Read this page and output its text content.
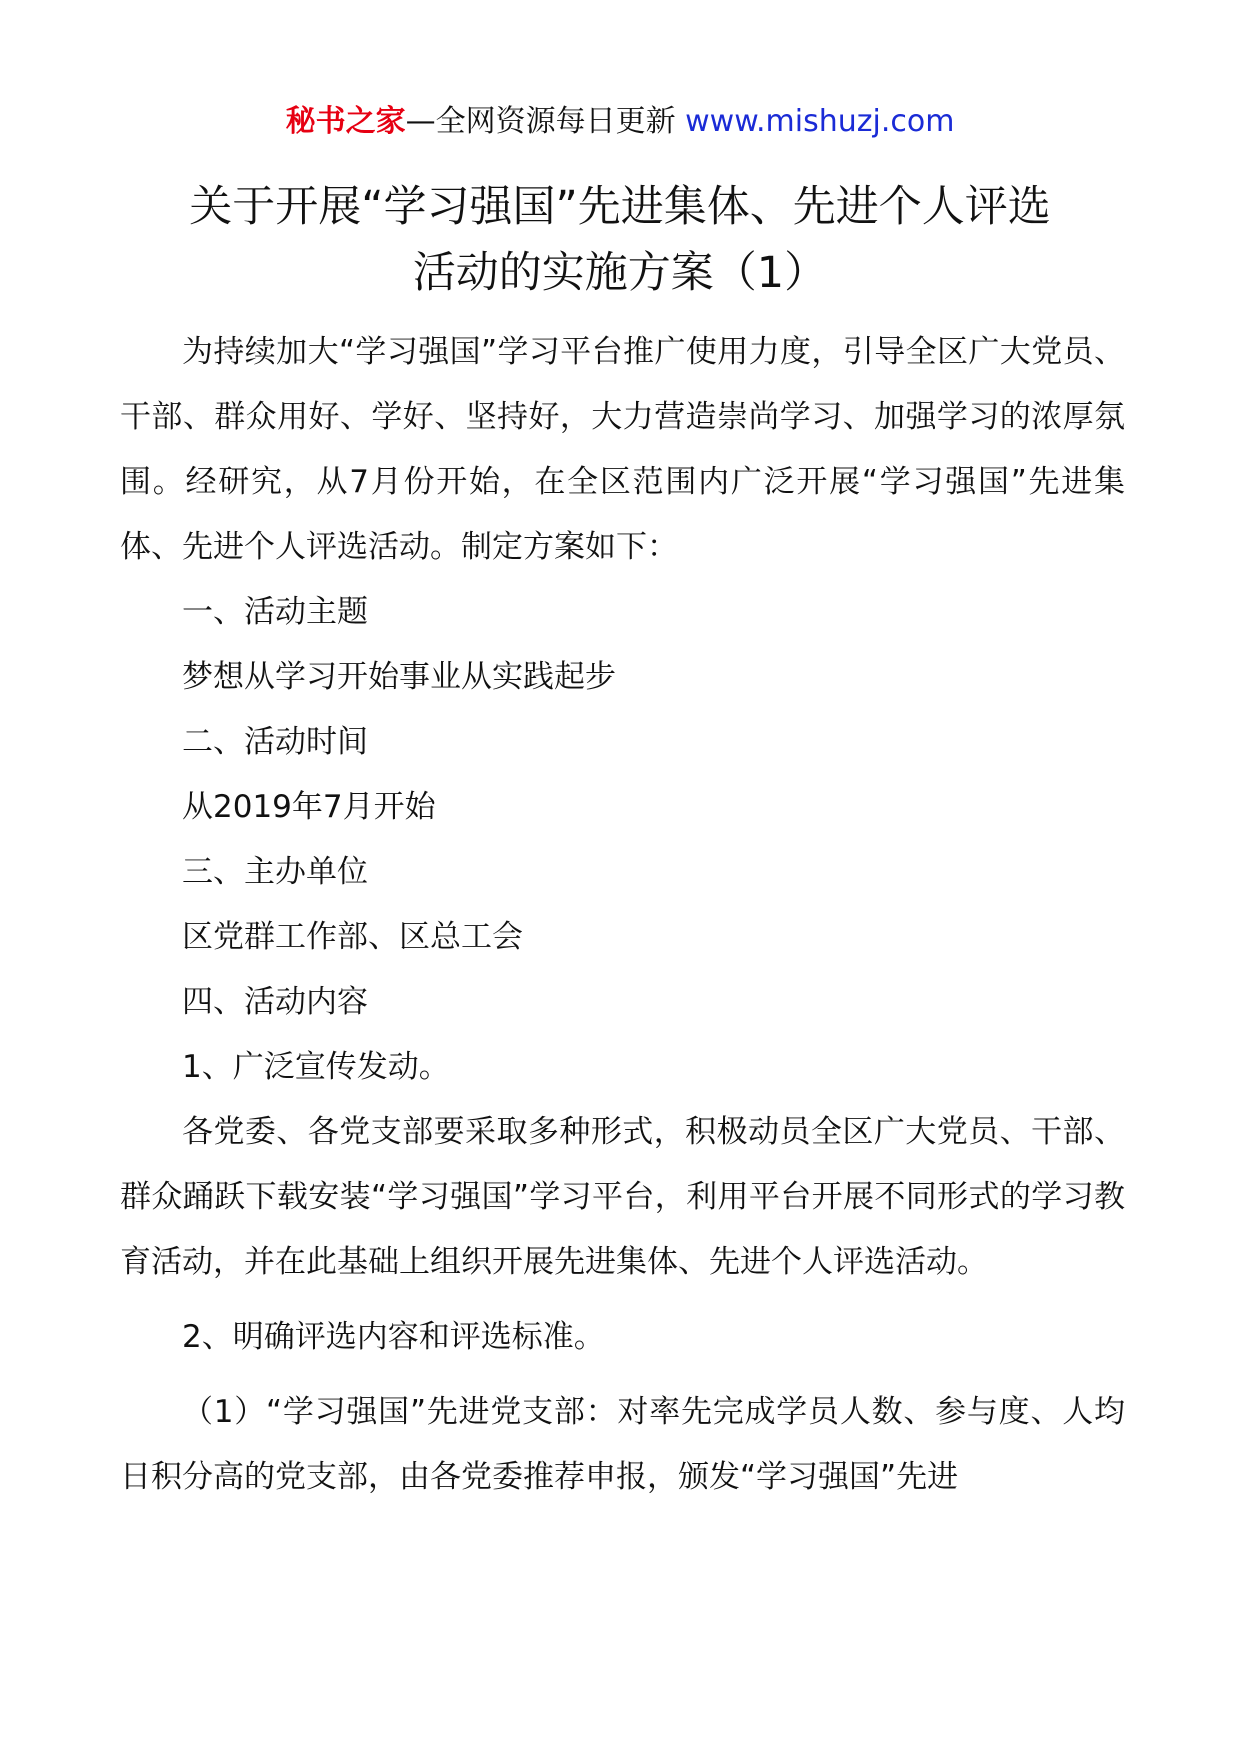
秘书之家—全网资源每日更新 www.mishuzj.com
关于开展“学习强国”先进集体、先进个人评选
活动的实施方案（1）

为持续加大“学习强国”学习平台推广使用力度，引导全区广大党员、干部、群众用好、学好、坚持好，大力营造崇尚学习、加强学习的浓厚氛围。经研究，从7月份开始，在全区范围内广泛开展“学习强国”先进集体、先进个人评选活动。制定方案如下：

一、活动主题

梦想从学习开始事业从实践起步

二、活动时间

从2019年7月开始

三、主办单位

区党群工作部、区总工会

四、活动内容

1、广泛宣传发动。

各党委、各党支部要采取多种形式，积极动员全区广大党员、干部、群众踊跃下载安装“学习强国”学习平台，利用平台开展不同形式的学习教育活动，并在此基础上组织开展先进集体、先进个人评选活动。

2、明确评选内容和评选标准。

（1）“学习强国”先进党支部：对率先完成学员人数、参与度、人均日积分高的党支部，由各党委推荐申报，颁发“学习强国”先进
